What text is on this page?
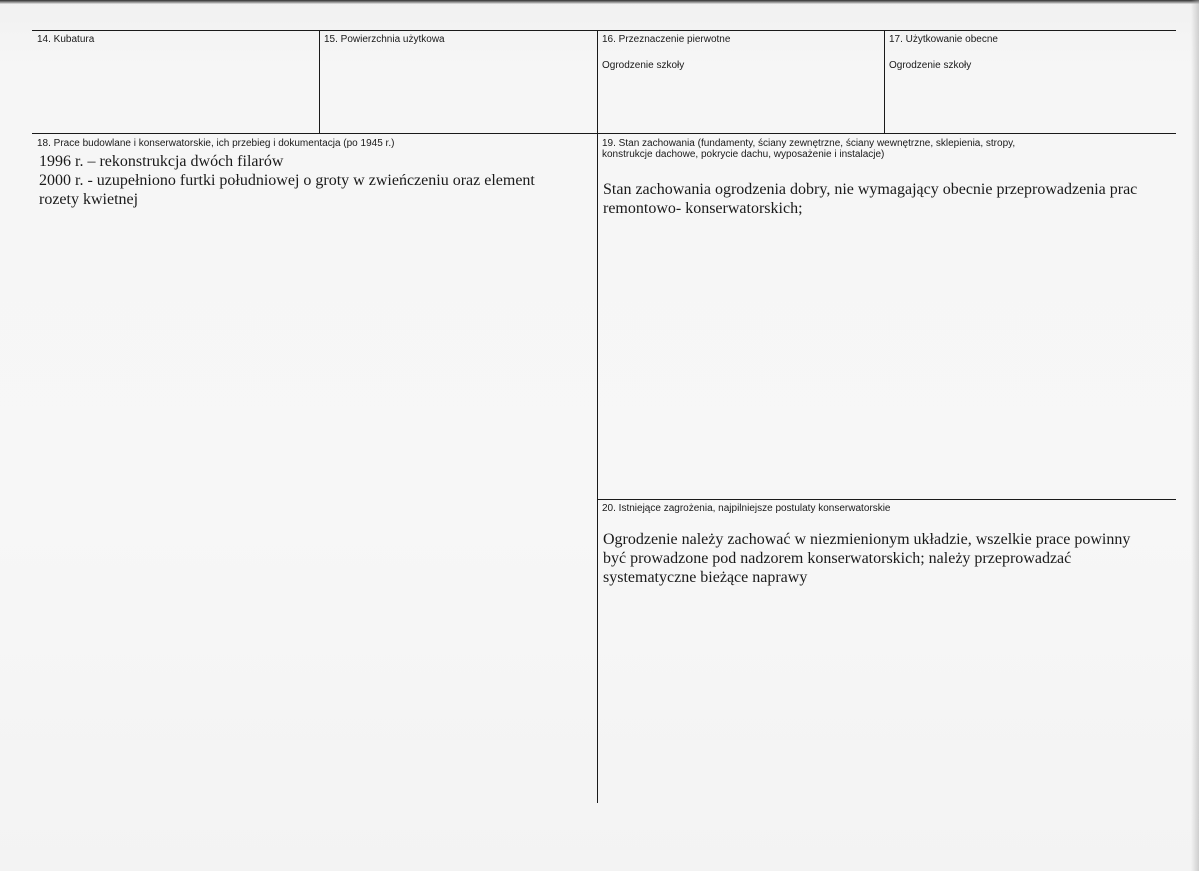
14. Kubatura	15. Powierzchnia użytkowa	16. Przeznaczenie pierwotne
Ogrodzenie szkoły
17. Użytkowanie obecne
Ogrodzenie szkoły
18. Prace budowlane i konserwatorskie, ich przebieg i dokumentacja (po 1945 r.)
1996 r. – rekonstrukcja dwóch filarów
2000 r. - uzupełniono furtki południowej o groty w zwieńczeniu oraz element
rozety kwietnej
19. Stan zachowania (fundamenty, ściany zewnętrzne, ściany wewnętrzne, sklepienia, stropy,
konstrukcje dachowe, pokrycie dachu, wyposażenie i instalacje)
Stan zachowania ogrodzenia dobry, nie wymagający obecnie przeprowadzenia prac
remontowo- konserwatorskich;
20. Istniejące zagrożenia, najpilniejsze postulaty konserwatorskie
Ogrodzenie należy zachować w niezmienionym układzie, wszelkie prace powinny
być prowadzone pod nadzorem konserwatorskich; należy przeprowadzać
systematyczne bieżące naprawy
